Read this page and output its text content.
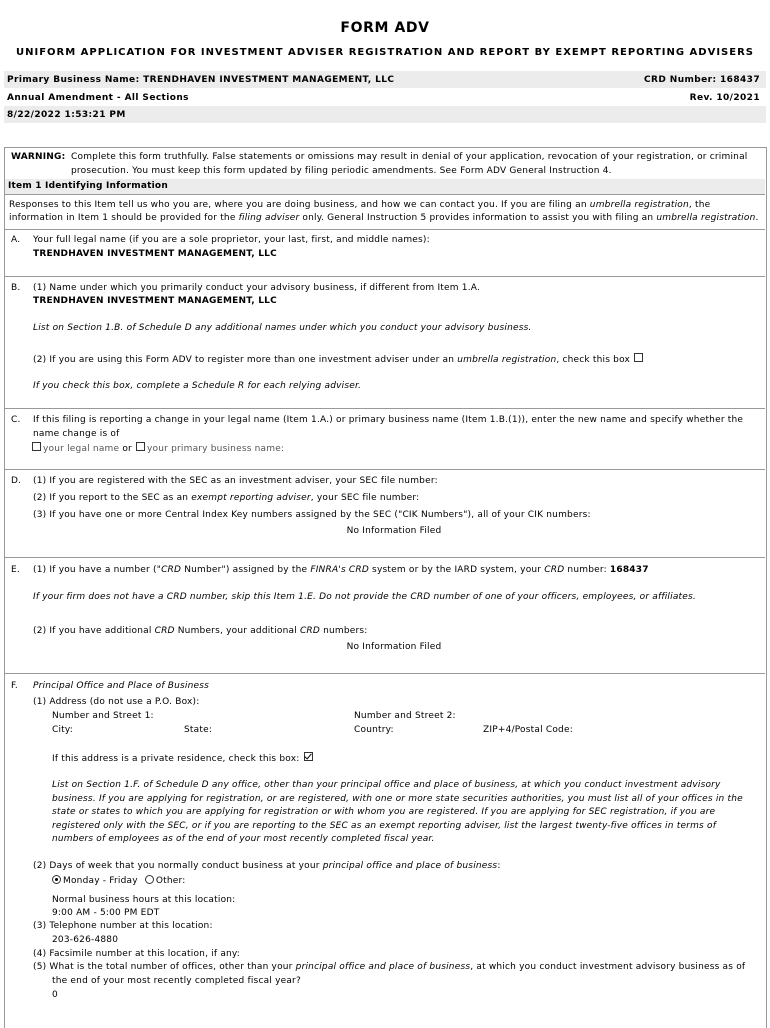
FORM ADV
UNIFORM APPLICATION FOR INVESTMENT ADVISER REGISTRATION AND REPORT BY EXEMPT REPORTING ADVISERS
Primary Business Name: TRENDHAVEN INVESTMENT MANAGEMENT, LLC	CRD Number: 168437
Annual Amendment - All Sections	Rev. 10/2021
8/22/2022 1:53:21 PM
WARNING: Complete this form truthfully. False statements or omissions may result in denial of your application, revocation of your registration, or criminal
prosecution. You must keep this form updated by filing periodic amendments. See Form ADV General Instruction 4.
Item 1 Identifying Information
Responses to this Item tell us who you are, where you are doing business, and how we can contact you. If you are filing an umbrella registration, the
information in Item 1 should be provided for the filing adviser only. General Instruction 5 provides information to assist you with filing an umbrella registration.
A. Your full legal name (if you are a sole proprietor, your last, first, and middle names):
TRENDHAVEN INVESTMENT MANAGEMENT, LLC
B. (1) Name under which you primarily conduct your advisory business, if different from Item 1.A.
TRENDHAVEN INVESTMENT MANAGEMENT, LLC
List on Section 1.B. of Schedule D any additional names under which you conduct your advisory business.
(2) If you are using this Form ADV to register more than one investment adviser under an umbrella registration, check this box
If you check this box, complete a Schedule R for each relying adviser.
C. If this filing is reporting a change in your legal name (Item 1.A.) or primary business name (Item 1.B.(1)), enter the new name and specify whether the
name change is of
your legal name or your primary business name:
D. (1) If you are registered with the SEC as an investment adviser, your SEC file number:
(2) If you report to the SEC as an exempt reporting adviser, your SEC file number:
(3) If you have one or more Central Index Key numbers assigned by the SEC ("CIK Numbers"), all of your CIK numbers:
No Information Filed
E. (1) If you have a number ("CRD Number") assigned by the FINRA's CRD system or by the IARD system, your CRD number: 168437
If your firm does not have a CRD number, skip this Item 1.E. Do not provide the CRD number of one of your officers, employees, or affiliates.
(2) If you have additional CRD Numbers, your additional CRD numbers:
No Information Filed
F. Principal Office and Place of Business
(1) Address (do not use a P.O. Box):
Number and Street 1:	Number and Street 2:
City:	State:	Country:	ZIP+4/Postal Code:
If this address is a private residence, check this box:
List on Section 1.F. of Schedule D any office, other than your principal office and place of business, at which you conduct investment advisory business. If you are applying for registration, or are registered, with one or more state securities authorities, you must list all of your offices in the state or states to which you are applying for registration or with whom you are registered. If you are applying for SEC registration, if you are registered only with the SEC, or if you are reporting to the SEC as an exempt reporting adviser, list the largest twenty-five offices in terms of numbers of employees as of the end of your most recently completed fiscal year.
(2) Days of week that you normally conduct business at your principal office and place of business:
Monday - Friday Other:
Normal business hours at this location:
9:00 AM - 5:00 PM EDT
(3) Telephone number at this location:
203-626-4880
(4) Facsimile number at this location, if any:
(5) What is the total number of offices, other than your principal office and place of business, at which you conduct investment advisory business as of
the end of your most recently completed fiscal year?
0
